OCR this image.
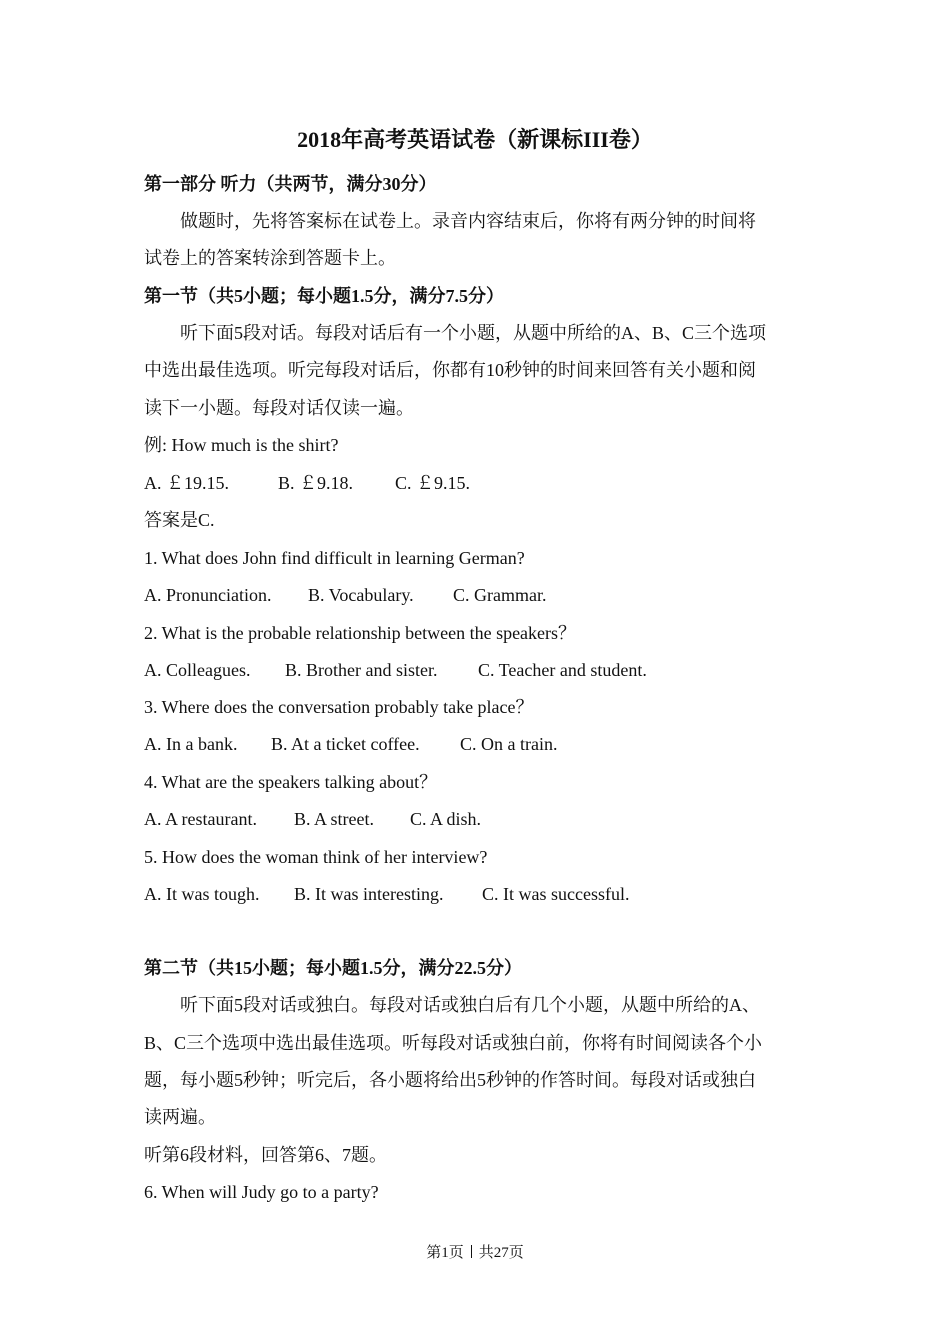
2018年高考英语试卷（新课标III卷）
第一部分 听力（共两节，满分30分）
做题时，先将答案标在试卷上。录音内容结束后，你将有两分钟的时间将
试卷上的答案转涂到答题卡上。
第一节（共5小题；每小题1.5分，满分7.5分）
听下面5段对话。每段对话后有一个小题，从题中所给的A、B、C三个选项
中选出最佳选项。听完每段对话后，你都有10秒钟的时间来回答有关小题和阅
读下一小题。每段对话仅读一遍。
例: How much is the shirt?
A. ￡19.15.	B. ￡9.18. C. ￡9.15.
答案是C.
1. What does John find difficult in learning German?
A. Pronunciation. B. Vocabulary. C. Grammar.
2. What is the probable relationship between the speakers？
A. Colleagues. B. Brother and sister. C. Teacher and student.
3. Where does the conversation probably take place？
A. In a bank. B. At a ticket coffee. C. On a train.
4. What are the speakers talking about？
A. A restaurant. B. A street. C. A dish.
5. How does the woman think of her interview?
A. It was tough. B. It was interesting. C. It was successful.
第二节（共15小题；每小题1.5分，满分22.5分）
听下面5段对话或独白。每段对话或独白后有几个小题，从题中所给的A、
B、C三个选项中选出最佳选项。听每段对话或独白前，你将有时间阅读各个小
题，每小题5秒钟；听完后，各小题将给出5秒钟的作答时间。每段对话或独白
读两遍。
听第6段材料，回答第6、7题。
6. When will Judy go to a party?
第1页 共27页
